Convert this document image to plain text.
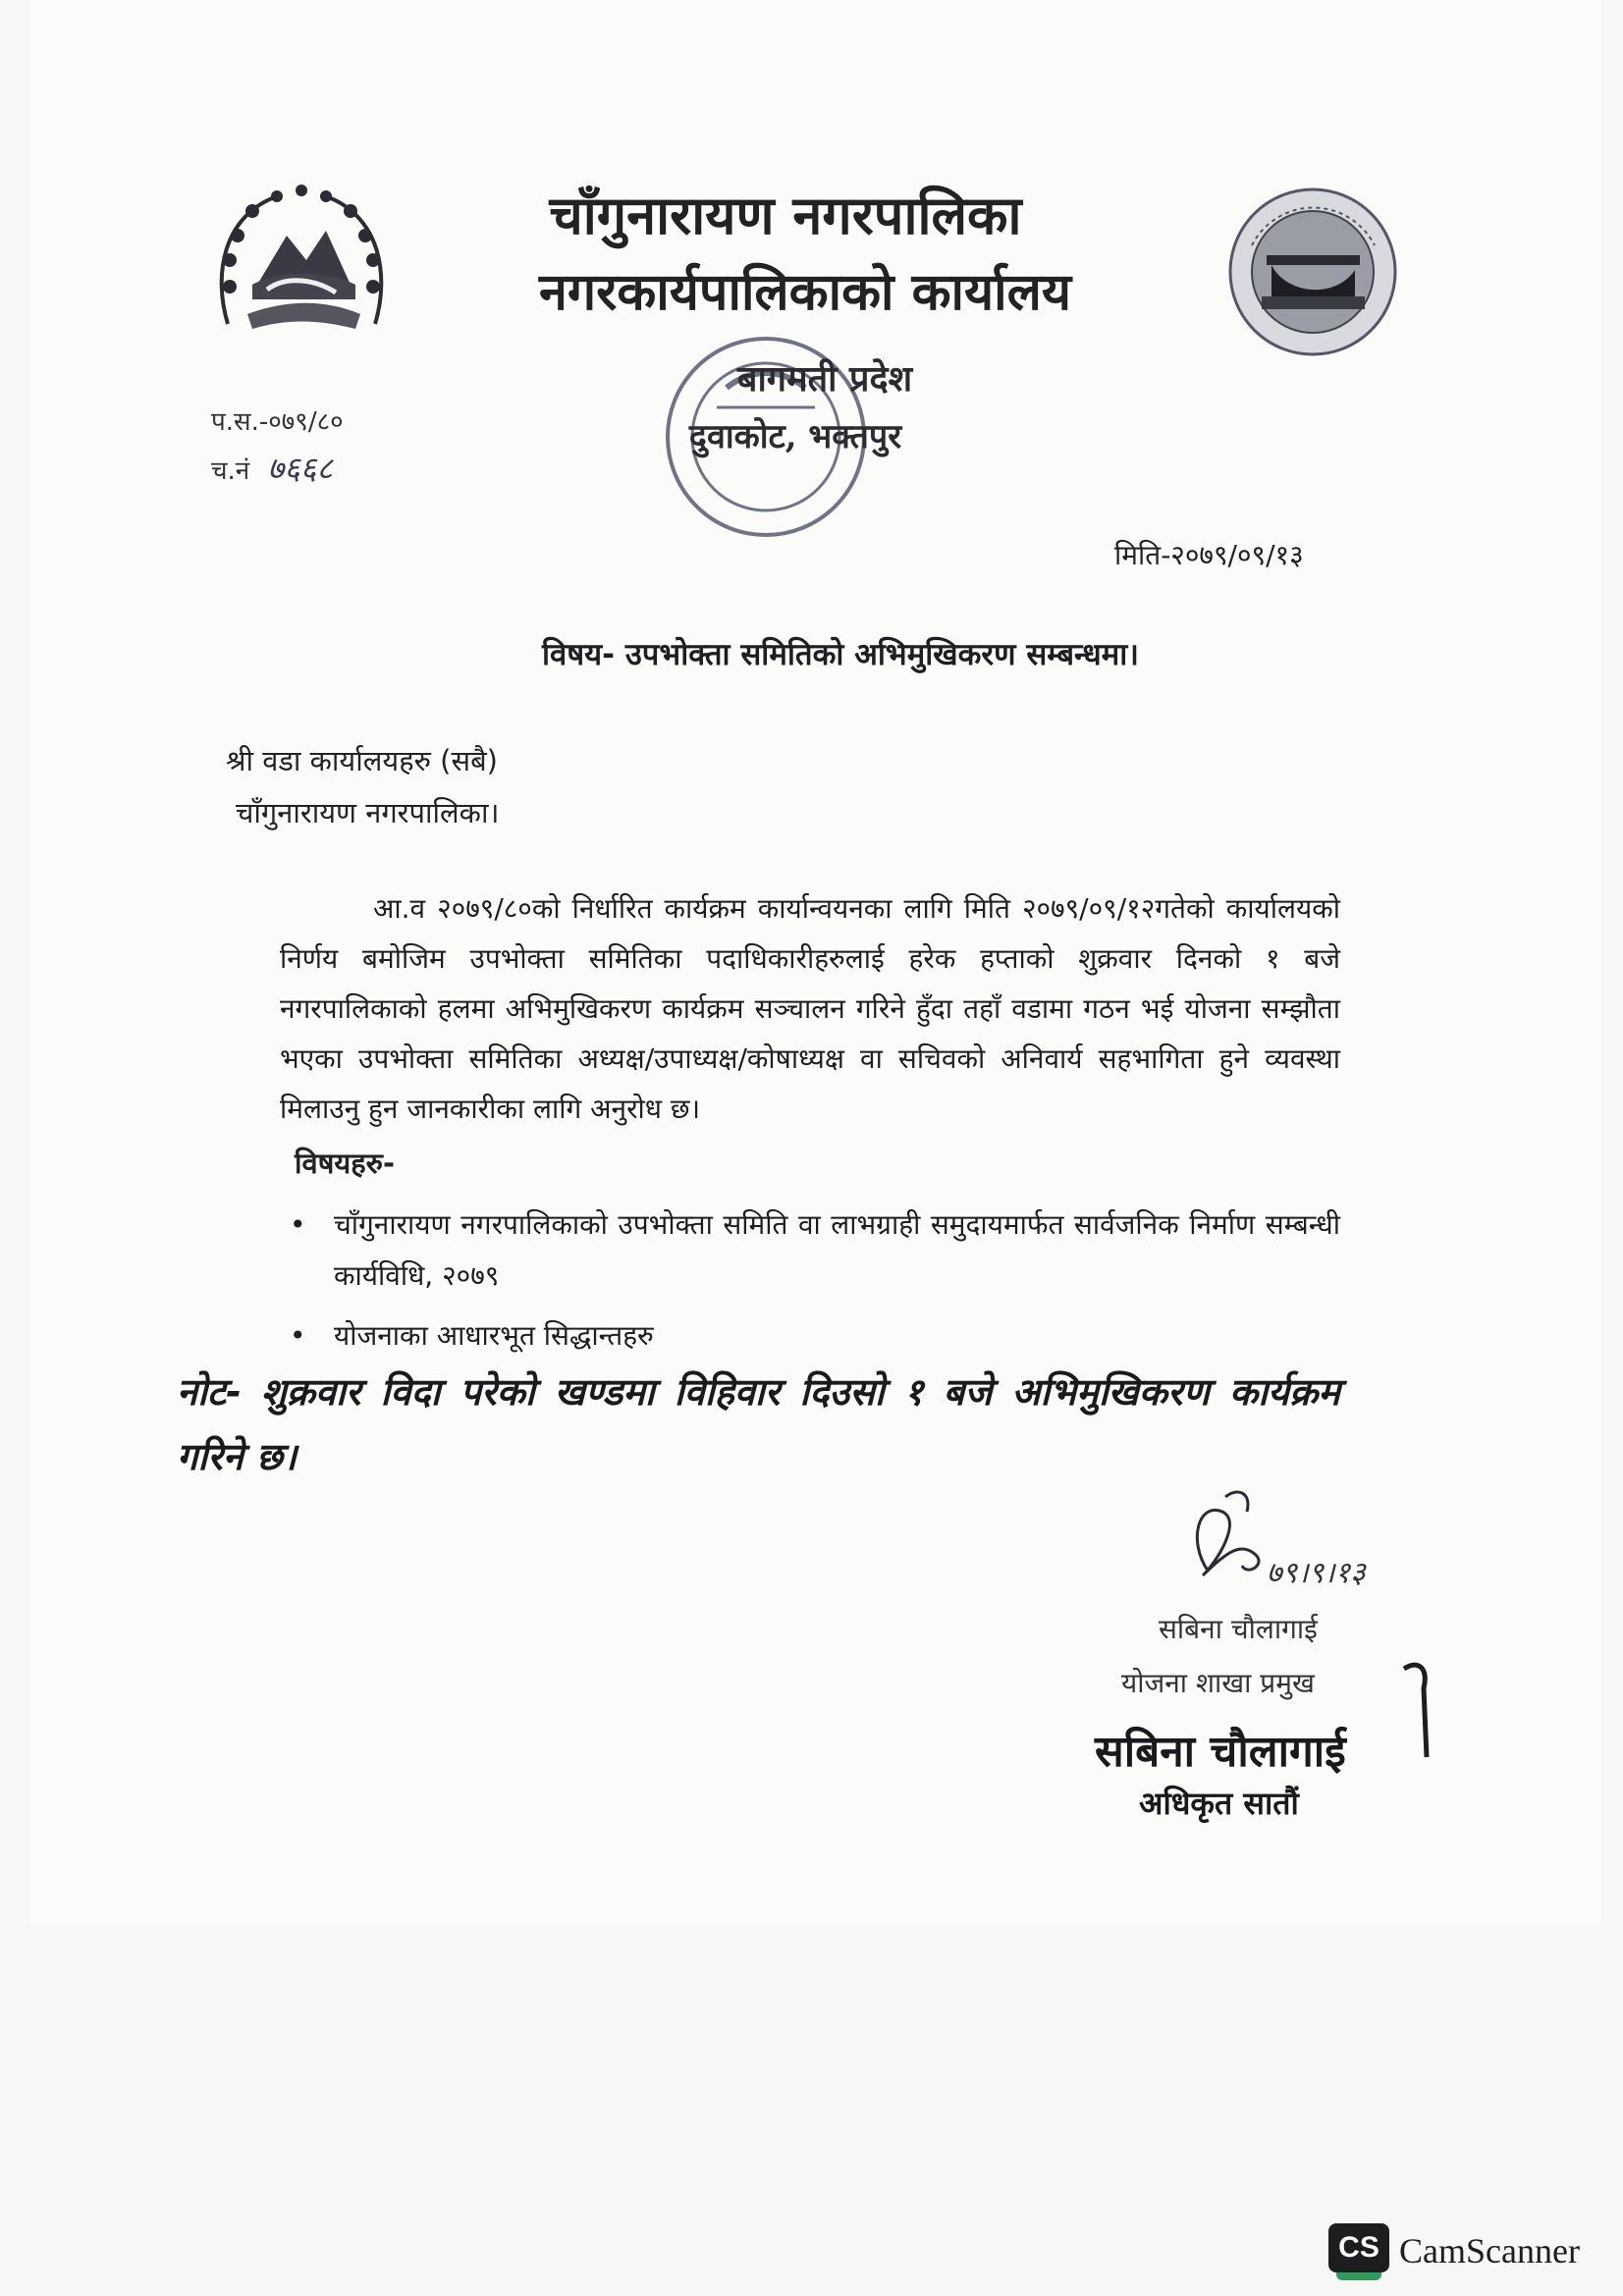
चाँगुनारायण नगरपालिका
नगरकार्यपालिकाको कार्यालय
बागमती प्रदेश
दुवाकोट, भक्तपुर
प.स.-०७९/८०
च.नं ७६६८
मिति-२०७९/०९/१३
विषय- उपभोक्ता समितिको अभिमुखिकरण सम्बन्धमा।
श्री वडा कार्यालयहरु (सबै)
चाँगुनारायण नगरपालिका।

आ.व २०७९/८०को निर्धारित कार्यक्रम कार्यान्वयनका लागि मिति २०७९/०९/१२गतेको कार्यालयको निर्णय बमोजिम उपभोक्ता समितिका पदाधिकारीहरुलाई हरेक हप्ताको शुक्रवार दिनको १ बजे नगरपालिकाको हलमा अभिमुखिकरण कार्यक्रम सञ्चालन गरिने हुँदा तहाँ वडामा गठन भई योजना सम्झौता भएका उपभोक्ता समितिका अध्यक्ष/उपाध्यक्ष/कोषाध्यक्ष वा सचिवको अनिवार्य सहभागिता हुने व्यवस्था मिलाउनु हुन जानकारीका लागि अनुरोध छ।

विषयहरु-
• चाँगुनारायण नगरपालिकाको उपभोक्ता समिति वा लाभग्राही समुदायमार्फत सार्वजनिक निर्माण सम्बन्धी कार्यविधि, २०७९
• योजनाका आधारभूत सिद्धान्तहरु
नोट- शुक्रवार विदा परेको खण्डमा विहिवार दिउसो १ बजे अभिमुखिकरण कार्यक्रम गरिने छ।
७९।९।१३
सबिना चौलागाई
योजना शाखा प्रमुख
सबिना चौलागाई
अधिकृत सातौं
CS CamScanner
